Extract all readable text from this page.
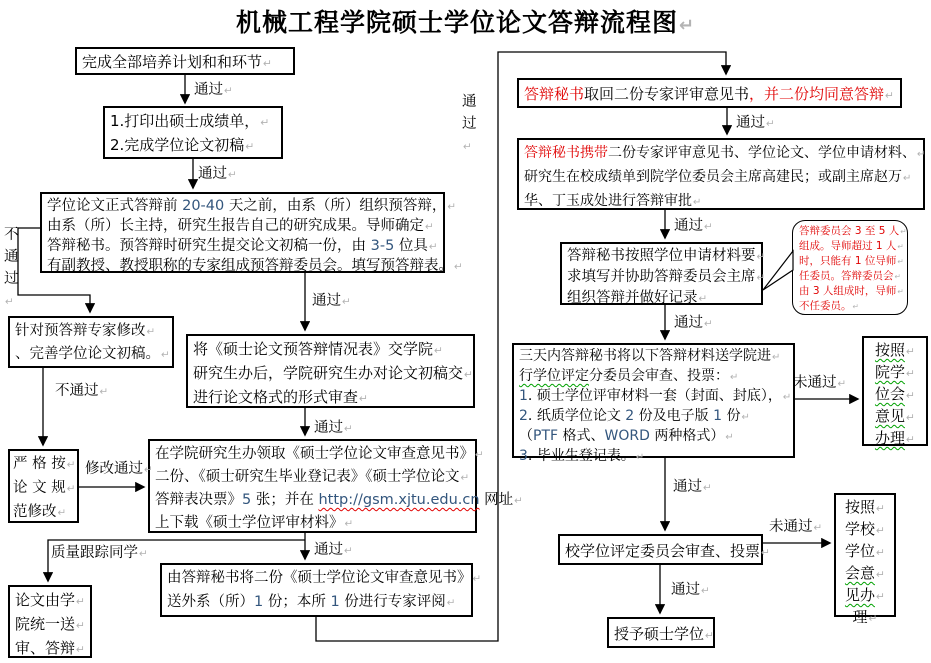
机械工程学院硕士学位论文答辩流程图 ↵
完成全部培养计划和和环节 ↵
1.打印出硕士成绩单， ↵
2.完成学位论文初稿 ↵
学位论文正式答辩前 20-40 天之前，由系（所）组织预答辩， ↵
由系（所）长主持，研究生报告自己的研究成果。导师确定 ↵
答辩秘书。预答辩时研究生提交论文初稿一份，由 3-5 位具 ↵
有副教授、教授职称的专家组成预答辩委员会。填写预答辩表。 ↵
将《硕士论文预答辩情况表》交学院 ↵
研究生办后，学院研究生办对论文初稿交 ↵
进行论文格式的形式审查 ↵
在学院研究生办领取《硕士学位论文审查意见书》 ↵
二份、《硕士研究生毕业登记表》《硕士学位论文 ↵
答辩表决票》5 张；并在 http://gsm.xjtu.edu.cn 网址 ↵
上下载《硕士学位评审材料》 ↵
由答辩秘书将二份《硕士学位论文审查意见书》 ↵
送外系（所）1 份；本所 1 份进行专家评阅 ↵
针对预答辩专家修改 ↵
、完善学位论文初稿。 ↵
严 格 按 ↵
论 文 规 ↵
范修改 ↵
论文由学 ↵
院统一送 ↵
审、答辩 ↵
答辩秘书取回二份专家评审意见书，并二份均同意答辩 ↵
答辩秘书携带二份专家评审意见书、学位论文、学位申请材料、 ↵
研究生在校成绩单到院学位委员会主席高建民；或副主席赵万 ↵
华、丁玉成处进行答辩审批 ↵
答辩秘书按照学位申请材料要 ↵
求填写并协助答辩委员会主席 ↵
组织答辩并做好记录 ↵
答辩委员会 3 至 5 人 ↵
组成。导师超过 1 人 ↵
时，只能有 1 位导师 ↵
任委员。答辩委员会 ↵
由 3 人组成时，导师 ↵
不任委员。 ↵
三天内答辩秘书将以下答辩材料送学院进 ↵
行学位评定分委员会审查、投票： ↵
1. 硕士学位评审材料一套（封面、封底）， ↵
2. 纸质学位论文 2 份及电子版 1 份 ↵
（PTF 格式、WORD 两种格式） ↵
3. 毕业生登记表。 ↵
按照 ↵
院学 ↵
位会 ↵
意见 ↵
办理 ↵
校学位评定委员会审查、投票 ↵
按照 ↵
学校 ↵
学位 ↵
会意 ↵
见办 ↵
理 ↵
授予硕士学位 ↵
通过 ↵
通过 ↵
通过 ↵
通过 ↵
通过 ↵
不通过 ↵
不通过 ↵
修改通过 ↵
质量跟踪同学 ↵
通过 ↵	通过 ↵
通过 ↵
通过 ↵
未通过 ↵
通过 ↵
未通过 ↵
通过 ↵
